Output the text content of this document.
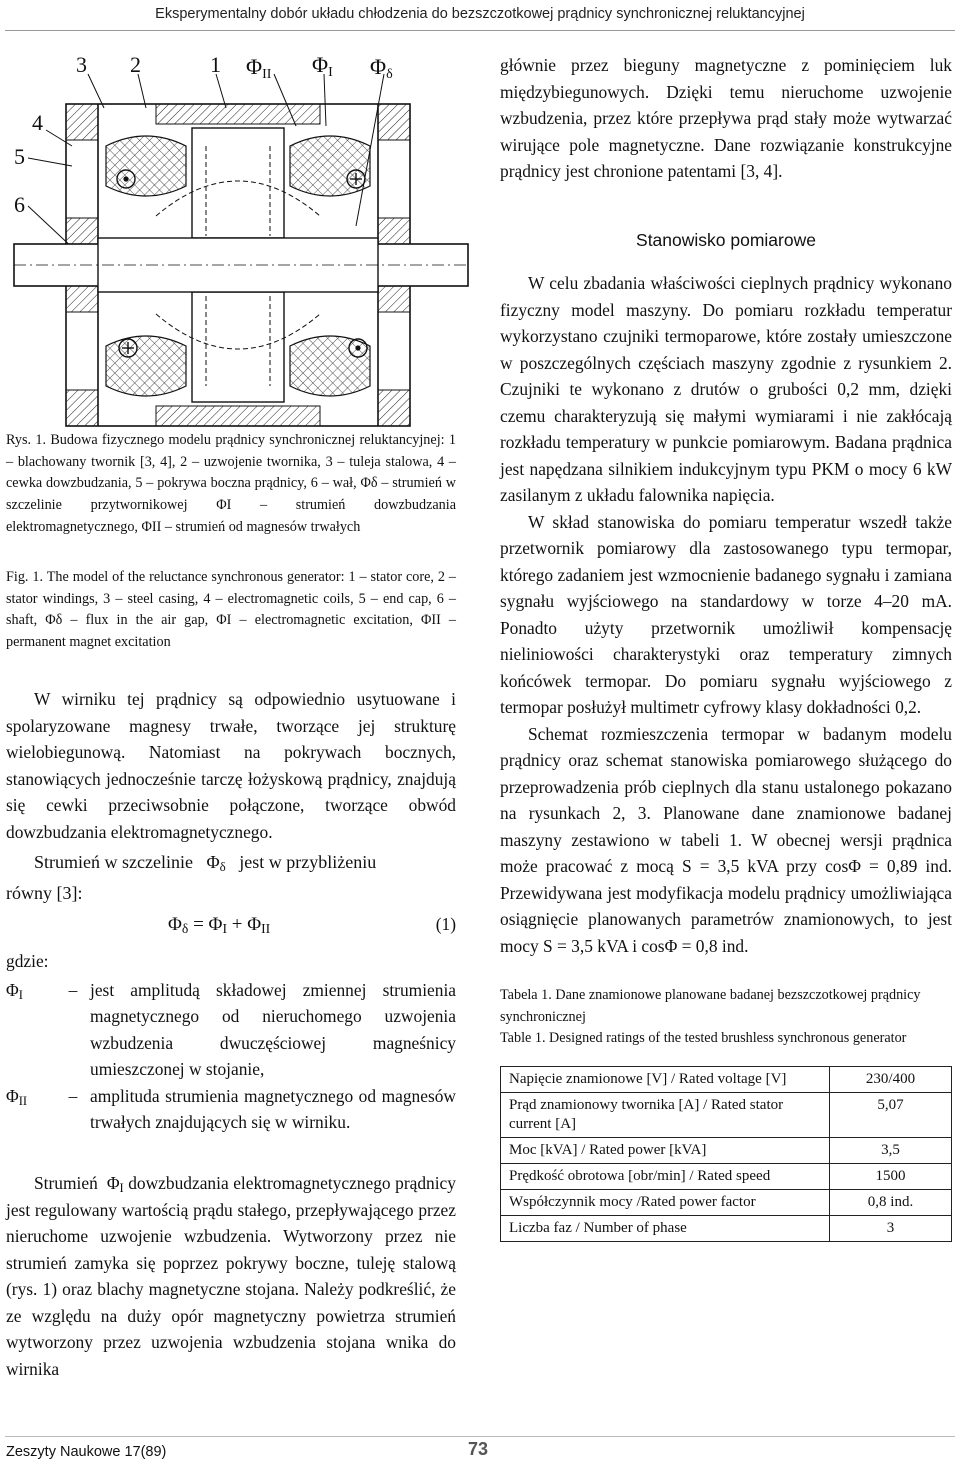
Eksperymentalny dobór układu chłodzenia do bezszczotkowej prądnicy synchronicznej reluktancyjnej
3 2	1
4
5
6
ΦII ΦI Φδ
Rys. 1. Budowa fizycznego modelu prądnicy synchronicznej reluktancyjnej: 1 – blachowany twornik [3, 4], 2 – uzwojenie twornika, 3 – tuleja stalowa, 4 – cewka dowzbudzania, 5 – pokrywa boczna prądnicy, 6 – wał, Φδ – strumień w szczelinie przytwornikowej ΦI – strumień dowzbudzania elektromagnetycznego, ΦII – strumień od magnesów trwałych
Fig. 1. The model of the reluctance synchronous generator: 1 – stator core, 2 – stator windings, 3 – steel casing, 4 – electromagnetic coils, 5 – end cap, 6 – shaft, Φδ – flux in the air gap, ΦI – electromagnetic excitation, ΦII – permanent magnet excitation

W wirniku tej prądnicy są odpowiednio usytuowane i spolaryzowane magnesy trwałe, tworzące jej strukturę wielobiegunową. Natomiast na pokrywach bocznych, stanowiących jednocześnie tarczę łożyskową prądnicy, znajdują się cewki przeciwsobnie połączone, tworzące obwód dowzbudzania elektromagnetycznego.

Strumień w szczelinie   $\Phi_\delta$ jest w przybliżeniu

równy [3]:

$\Phi_\delta = \Phi_I + \Phi_{II}$	(1)

gdzie:

$\Phi_I$	– jest amplitudą składowej zmiennej strumienia magnetycznego od nieruchomego uzwojenia wzbudzenia dwuczęściowej magneśnicy umieszczonej w stojanie,
$\Phi_{II}$	– amplituda strumienia magnetycznego od magnesów trwałych znajdujących się w wirniku.

Strumień  $\Phi_I$ dowzbudzania elektromagnetycznego prądnicy jest regulowany wartością prądu stałego, przepływającego przez nieruchome uzwojenie wzbudzenia. Wytworzony przez nie strumień zamyka się poprzez pokrywy boczne, tuleję stalową (rys. 1) oraz blachy magnetyczne stojana. Należy podkreślić, że ze względu na duży opór magnetyczny powietrza strumień wytworzony przez uzwojenia wzbudzenia stojana wnika do wirnika

głównie przez bieguny magnetyczne z pominięciem luk międzybiegunowych. Dzięki temu nieruchome uzwojenie wzbudzenia, przez które przepływa prąd stały może wytwarzać wirujące pole magnetyczne. Dane rozwiązanie konstrukcyjne prądnicy jest chronione patentami [3, 4].

Stanowisko pomiarowe

W celu zbadania właściwości cieplnych prądnicy wykonano fizyczny model maszyny. Do pomiaru rozkładu temperatur wykorzystano czujniki termoparowe, które zostały umieszczone w poszczególnych częściach maszyny zgodnie z rysunkiem 2. Czujniki te wykonano z drutów o grubości 0,2 mm, dzięki czemu charakteryzują się małymi wymiarami i nie zakłócają rozkładu temperatury w punkcie pomiarowym. Badana prądnica jest napędzana silnikiem indukcyjnym typu PKM o mocy 6 kW zasilanym z układu falownika napięcia.

W skład stanowiska do pomiaru temperatur wszedł także przetwornik pomiarowy dla zastosowanego typu termopar, którego zadaniem jest wzmocnienie badanego sygnału i zamiana sygnału wyjściowego na standardowy w torze 4–20 mA. Ponadto użyty przetwornik umożliwił kompensację nieliniowości charakterystyki oraz temperatury zimnych końcówek termopar. Do pomiaru sygnału wyjściowego z termopar posłużył multimetr cyfrowy klasy dokładności 0,2.

Schemat rozmieszczenia termopar w badanym modelu prądnicy oraz schemat stanowiska pomiarowego służącego do przeprowadzenia prób cieplnych dla stanu ustalonego pokazano na rysunkach 2, 3. Planowane dane znamionowe badanej maszyny zestawiono w tabeli 1. W obecnej wersji prądnica może pracować z mocą S = 3,5 kVA przy cosΦ = 0,89 ind. Przewidywana jest modyfikacja modelu prądnicy umożliwiająca osiągnięcie planowanych parametrów znamionowych, to jest mocy S = 3,5 kVA i cosΦ = 0,8 ind.

Tabela 1. Dane znamionowe planowane badanej bezszczotkowej prądnicy synchronicznej

Table 1. Designed ratings of the tested brushless synchronous generator

Napięcie znamionowe [V] / Rated voltage [V]	230/400
Prąd znamionowy twornika [A] / Rated stator current [A]	5,07
Moc [kVA] / Rated power [kVA]	3,5
Prędkość obrotowa [obr/min] / Rated speed	1500
Współczynnik mocy /Rated power factor	0,8 ind.
Liczba faz / Number of phase	3
Zeszyty Naukowe 17(89)	73
